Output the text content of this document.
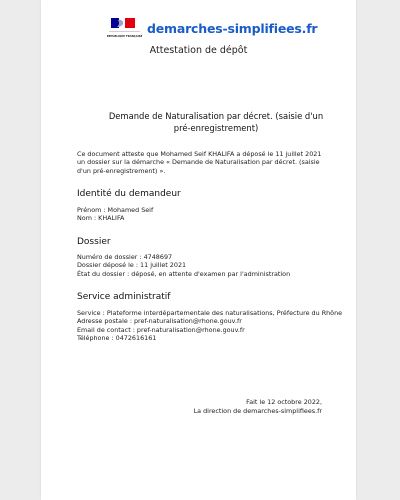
RÉPUBLIQUE FRANÇAISE
demarches-simplifiees.fr
Attestation de dépôt
Demande de Naturalisation par décret. (saisie d'un pré-enregistrement)
Ce document atteste que Mohamed Seif KHALIFA a déposé le 11 juillet 2021 un dossier sur la démarche « Demande de Naturalisation par décret. (saisie d'un pré-enregistrement) ».
Identité du demandeur
Prénom : Mohamed Seif
Nom : KHALIFA
Dossier
Numéro de dossier : 4748697
Dossier déposé le : 11 juillet 2021
État du dossier : déposé, en attente d'examen par l'administration
Service administratif
Service : Plateforme interdépartementale des naturalisations, Préfecture du Rhône
Adresse postale : pref-naturalisation@rhone.gouv.fr
Email de contact : pref-naturalisation@rhone.gouv.fr
Téléphone : 0472616161
Fait le 12 octobre 2022,
La direction de demarches-simplifiees.fr
